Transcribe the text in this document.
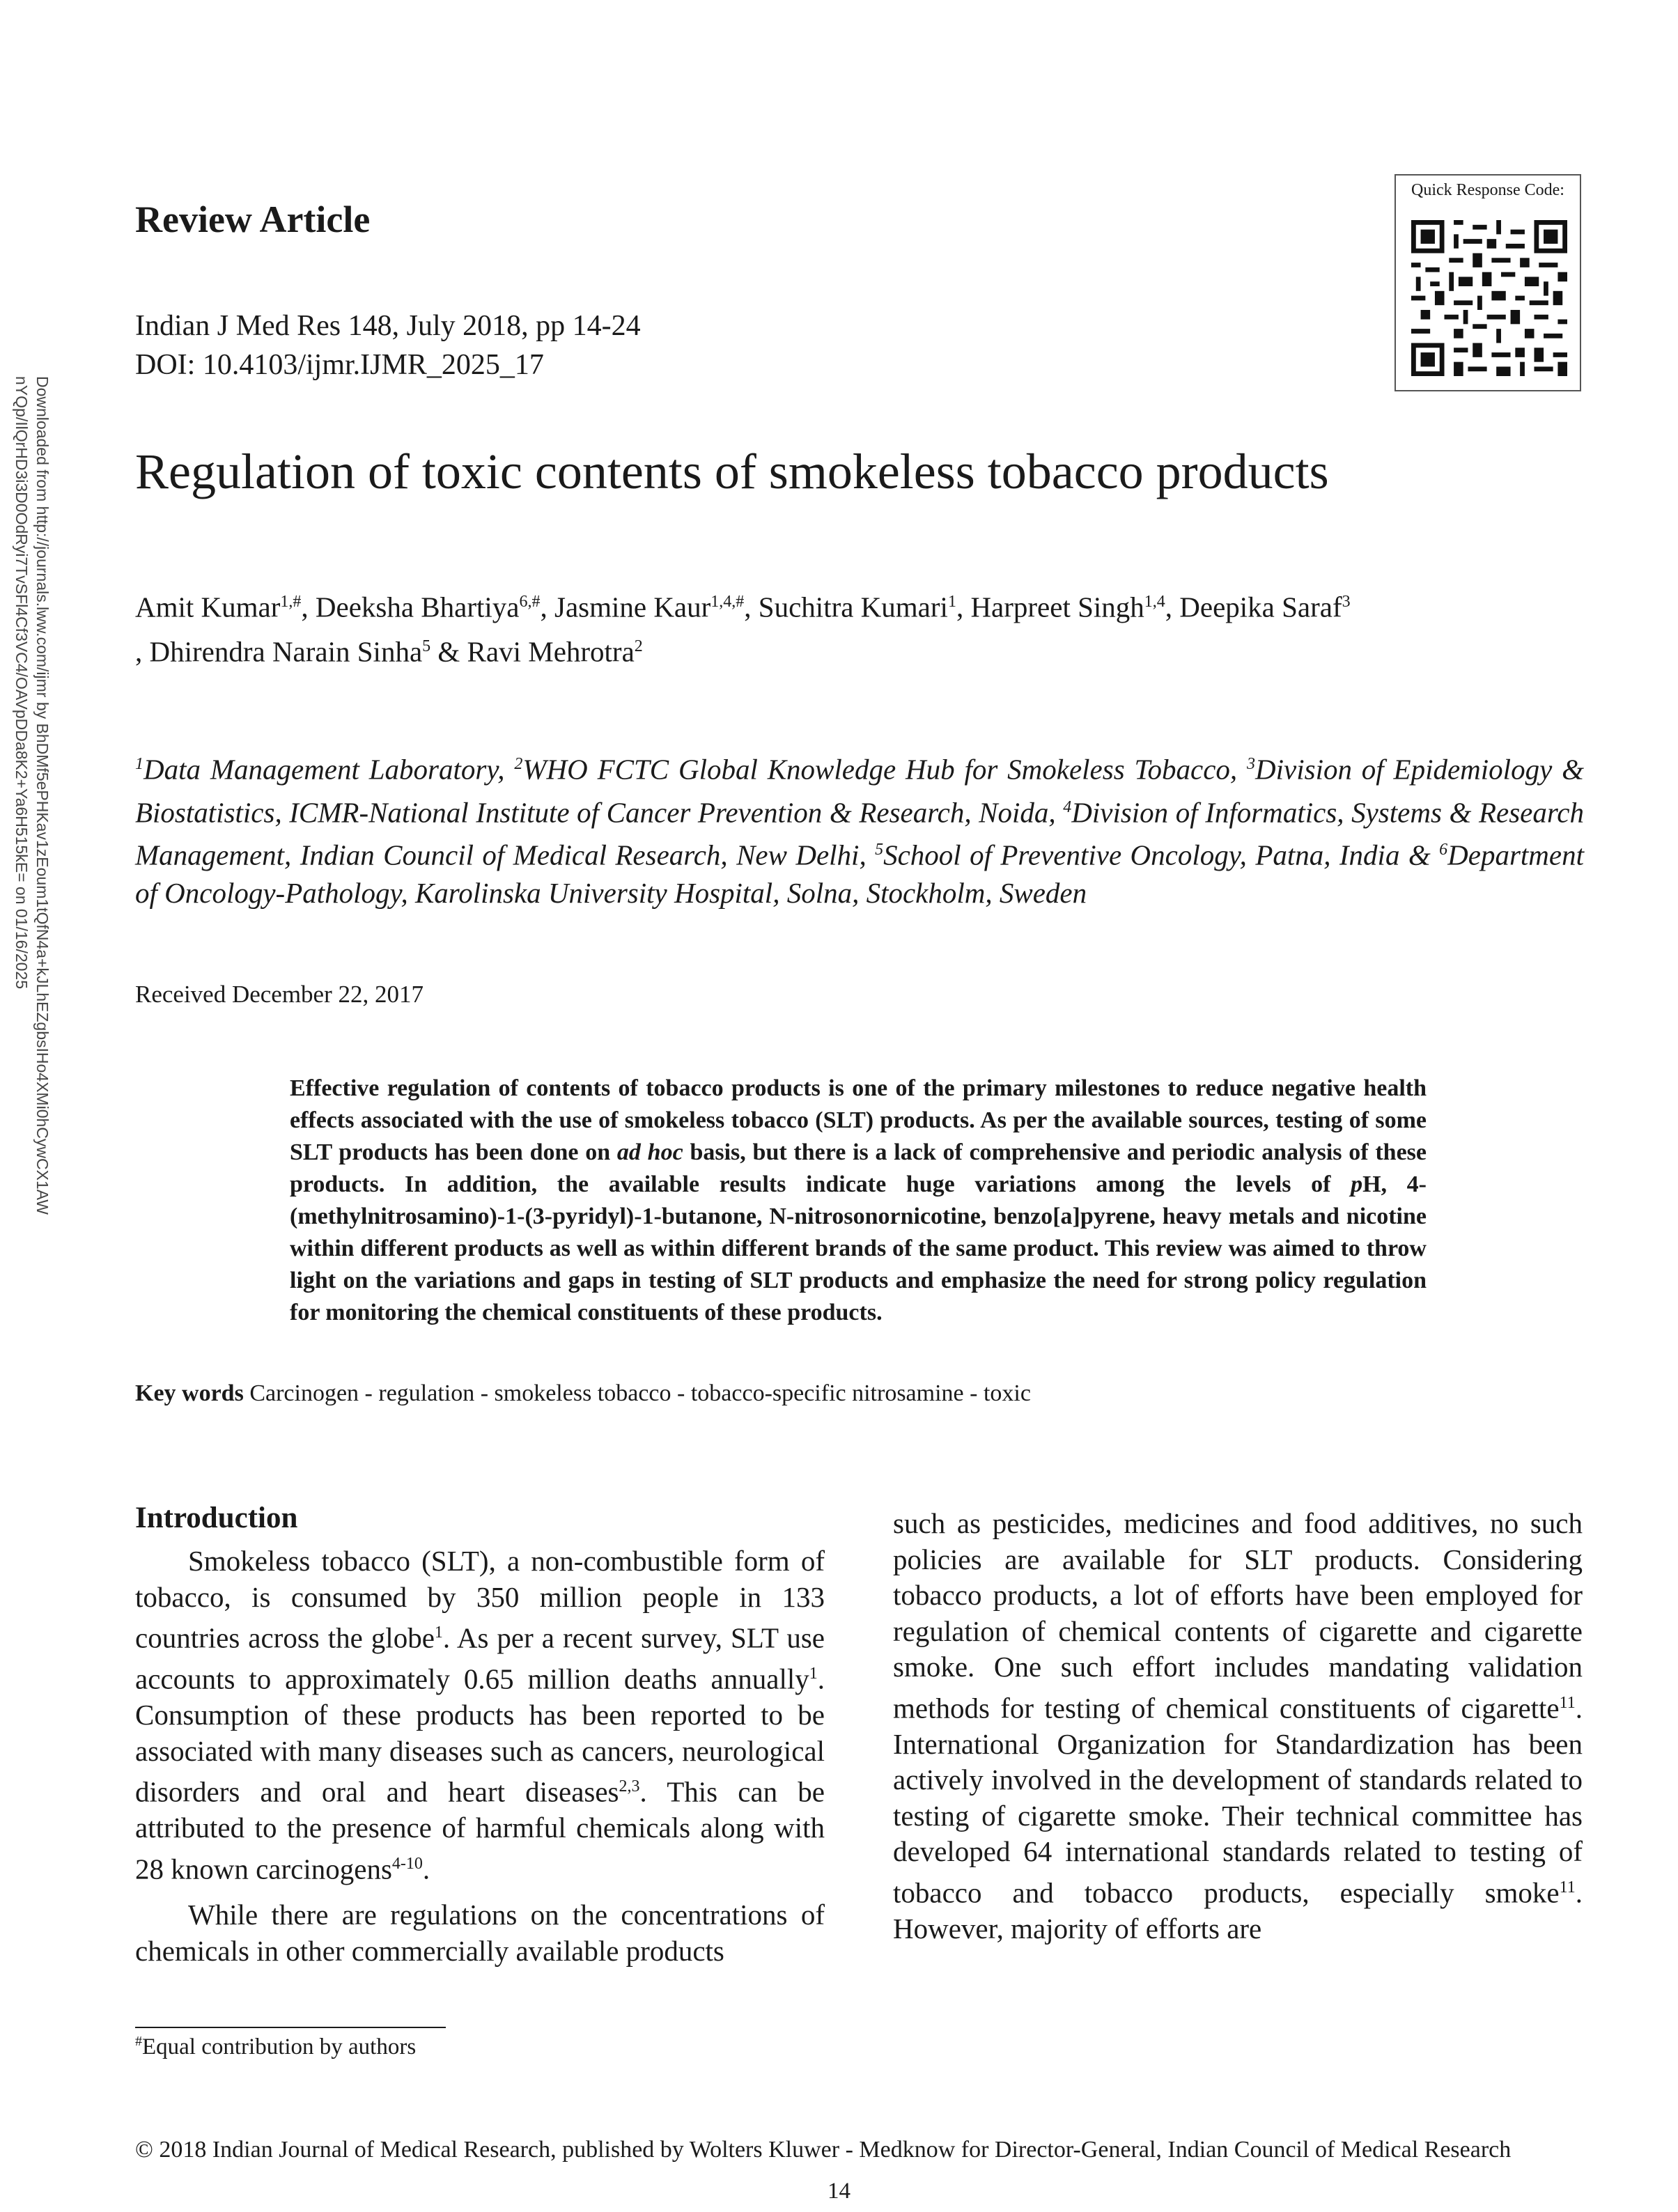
Review Article
Indian J Med Res 148, July 2018, pp 14-24
DOI: 10.4103/ijmr.IJMR_2025_17
Quick Response Code:
Regulation of toxic contents of smokeless tobacco products
Amit Kumar$^{1,\#}$, Deeksha Bhartiya$^{6,\#}$, Jasmine Kaur$^{1,4,\#}$, Suchitra Kumari$^1$, Harpreet Singh$^{1,4}$, Deepika Saraf$^3$
, Dhirendra Narain Sinha$^5$ & Ravi Mehrotra$^2$
$^1$Data Management Laboratory, $^2$WHO FCTC Global Knowledge Hub for Smokeless Tobacco, $^3$Division of Epidemiology & Biostatistics, ICMR-National Institute of Cancer Prevention & Research, Noida, $^4$Division of Informatics, Systems & Research Management, Indian Council of Medical Research, New Delhi, $^5$School of Preventive Oncology, Patna, India & $^6$Department of Oncology-Pathology, Karolinska University Hospital, Solna, Stockholm, Sweden
Received December 22, 2017
Effective regulation of contents of tobacco products is one of the primary milestones to reduce negative health effects associated with the use of smokeless tobacco (SLT) products. As per the available sources, testing of some SLT products has been done on ad hoc basis, but there is a lack of comprehensive and periodic analysis of these products. In addition, the available results indicate huge variations among the levels of pH, 4-(methylnitrosamino)-1-(3-pyridyl)-1-butanone, N-nitrosonornicotine, benzo[a]pyrene, heavy metals and nicotine within different products as well as within different brands of the same product. This review was aimed to throw light on the variations and gaps in testing of SLT products and emphasize the need for strong policy regulation for monitoring the chemical constituents of these products.
Key words Carcinogen - regulation - smokeless tobacco - tobacco-specific nitrosamine - toxic
Introduction

Smokeless tobacco (SLT), a non-combustible form of tobacco, is consumed by 350 million people in 133 countries across the globe$^1$. As per a recent survey, SLT use accounts to approximately 0.65 million deaths annually$^1$. Consumption of these products has been reported to be associated with many diseases such as cancers, neurological disorders and oral and heart diseases$^{2,3}$. This can be attributed to the presence of harmful chemicals along with 28 known carcinogens$^{4-10}$.

While there are regulations on the concentrations of chemicals in other commercially available products

such as pesticides, medicines and food additives, no such policies are available for SLT products. Considering tobacco products, a lot of efforts have been employed for regulation of chemical contents of cigarette and cigarette smoke. One such effort includes mandating validation methods for testing of chemical constituents of cigarette$^{11}$. International Organization for Standardization has been actively involved in the development of standards related to testing of cigarette smoke. Their technical committee has developed 64 international standards related to testing of tobacco and tobacco products, especially smoke$^{11}$. However, majority of efforts are

#Equal contribution by authors
© 2018 Indian Journal of Medical Research, published by Wolters Kluwer - Medknow for Director-General, Indian Council of Medical Research
14
Downloaded from http://journals.lww.com/ijmr by BhDMf5ePHKav1zEoum1tQfN4a+kJLhEZgbsIHo4XMi0hCywCX1AW
nYQp/IlQrHD3i3D0OdRyi7TvSFl4Cf3VC4/OAVpDDa8K2+Ya6H515kE= on 01/16/2025
